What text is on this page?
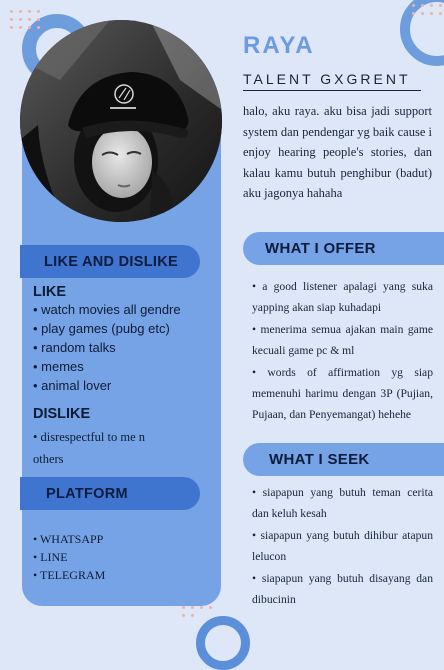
LIKE AND DISLIKE

LIKE

• watch movies all gendre
• play games (pubg etc)
• random talks
• memes
• animal lover

DISLIKE

• disrespectful to me n others
PLATFORM
• WHATSAPP
• LINE
• TELEGRAM
RAYA

TALENT GXGRENT

halo, aku raya. aku bisa jadi support system dan pendengar yg baik cause i enjoy hearing people's stories, dan kalau kamu butuh penghibur (badut) aku jagonya hahaha

WHAT I OFFER
• a good listener apalagi yang suka yapping akan siap kuhadapi
• menerima semua ajakan main game kecuali game pc & ml
• words of affirmation yg siap memenuhi harimu dengan 3P (Pujian, Pujaan, dan Penyemangat) hehehe
WHAT I SEEK
• siapapun yang butuh teman cerita dan keluh kesah
• siapapun yang butuh dihibur atapun lelucon
• siapapun yang butuh disayang dan dibucinin
